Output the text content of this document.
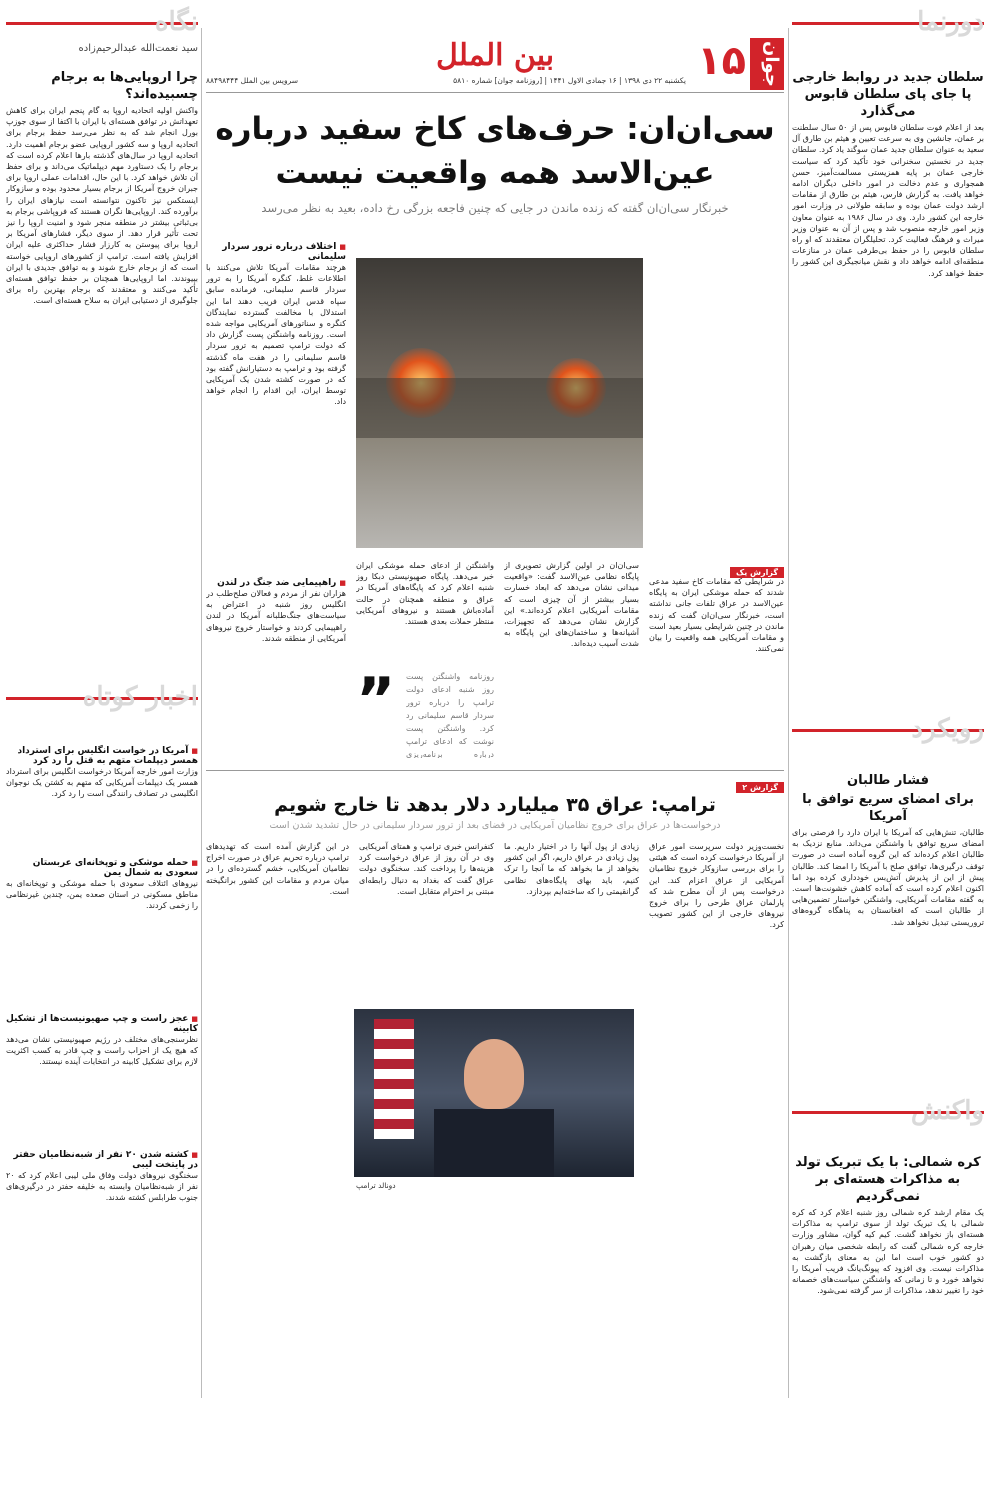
دورنما
سلطان جدید در روابط خارجی پا جای پای سلطان قابوس می‌گذارد
بعد از اعلام فوت سلطان قابوس پس از ۵۰ سال سلطنت بر عمان، جانشین وی به سرعت تعیین و هیثم بن طارق آل سعید به عنوان سلطان جدید عمان سوگند یاد کرد. سلطان جدید در نخستین سخنرانی خود تأکید کرد که سیاست خارجی عمان بر پایه همزیستی مسالمت‌آمیز، حسن همجواری و عدم دخالت در امور داخلی دیگران ادامه خواهد یافت. به گزارش فارس، هیثم بن طارق از مقامات ارشد دولت عمان بوده و سابقه طولانی در وزارت امور خارجه این کشور دارد. وی در سال ۱۹۸۶ به عنوان معاون وزیر امور خارجه منصوب شد و پس از آن به عنوان وزیر میراث و فرهنگ فعالیت کرد. تحلیلگران معتقدند که او راه سلطان قابوس را در حفظ بی‌طرفی عمان در منازعات منطقه‌ای ادامه خواهد داد و نقش میانجیگری این کشور را حفظ خواهد کرد.
رویکرد
فشار طالبان
برای امضای سریع توافق با آمریکا
طالبان، تنش‌هایی که آمریکا با ایران دارد را فرصتی برای امضای سریع توافق با واشنگتن می‌داند. منابع نزدیک به طالبان اعلام کرده‌اند که این گروه آماده است در صورت توقف درگیری‌ها، توافق صلح با آمریکا را امضا کند. طالبان پیش از این از پذیرش آتش‌بس خودداری کرده بود اما اکنون اعلام کرده است که آماده کاهش خشونت‌ها است. به گفته مقامات آمریکایی، واشنگتن خواستار تضمین‌هایی از طالبان است که افغانستان به پناهگاه گروه‌های تروریستی تبدیل نخواهد شد.
واکنش
کره شمالی: با یک تبریک تولد به مذاکرات هسته‌ای بر نمی‌گردیم
یک مقام ارشد کره شمالی روز شنبه اعلام کرد که کره شمالی با یک تبریک تولد از سوی ترامپ به مذاکرات هسته‌ای باز نخواهد گشت. کیم کیه گوان، مشاور وزارت خارجه کره شمالی گفت که رابطه شخصی میان رهبران دو کشور خوب است اما این به معنای بازگشت به مذاکرات نیست. وی افزود که پیونگ‌یانگ فریب آمریکا را نخواهد خورد و تا زمانی که واشنگتن سیاست‌های خصمانه خود را تغییر ندهد، مذاکرات از سر گرفته نمی‌شود.
نگاه
سید نعمت‌الله عبدالرحیم‌زاده
چرا اروپایی‌ها به برجام چسبیده‌اند؟
واکنش اولیه اتحادیه اروپا به گام پنجم ایران برای کاهش تعهداتش در توافق هسته‌ای با ایران با اکتفا از سوی جوزپ بورل انجام شد که به نظر می‌رسد حفظ برجام برای اتحادیه اروپا و سه کشور اروپایی عضو برجام اهمیت دارد. اتحادیه اروپا در سال‌های گذشته بارها اعلام کرده است که برجام را یک دستاورد مهم دیپلماتیک می‌داند و برای حفظ آن تلاش خواهد کرد. با این حال، اقدامات عملی اروپا برای جبران خروج آمریکا از برجام بسیار محدود بوده و سازوکار اینستکس نیز تاکنون نتوانسته است نیازهای ایران را برآورده کند. اروپایی‌ها نگران هستند که فروپاشی برجام به بی‌ثباتی بیشتر در منطقه منجر شود و امنیت اروپا را نیز تحت تأثیر قرار دهد. از سوی دیگر، فشارهای آمریکا بر اروپا برای پیوستن به کارزار فشار حداکثری علیه ایران افزایش یافته است. ترامپ از کشورهای اروپایی خواسته است که از برجام خارج شوند و به توافق جدیدی با ایران بپیوندند. اما اروپایی‌ها همچنان بر حفظ توافق هسته‌ای تأکید می‌کنند و معتقدند که برجام بهترین راه برای جلوگیری از دستیابی ایران به سلاح هسته‌ای است.
اخبار کوتاه
■ آمریکا در خواست انگلیس برای استرداد همسر دیپلمات متهم به قتل را رد کرد
وزارت امور خارجه آمریکا درخواست انگلیس برای استرداد همسر یک دیپلمات آمریکایی که متهم به کشتن یک نوجوان انگلیسی در تصادف رانندگی است را رد کرد.
■ حمله موشکی و توپخانه‌ای عربستان سعودی به شمال یمن
نیروهای ائتلاف سعودی با حمله موشکی و توپخانه‌ای به مناطق مسکونی در استان صعده یمن، چندین غیرنظامی را زخمی کردند.
■ عجز راست و چپ صهیونیست‌ها از تشکیل کابینه
نظرسنجی‌های مختلف در رژیم صهیونیستی نشان می‌دهد که هیچ یک از احزاب راست و چپ قادر به کسب اکثریت لازم برای تشکیل کابینه در انتخابات آینده نیستند.
■ کشته شدن ۲۰ نفر از شبه‌نظامیان حفتر در پایتخت لیبی
سخنگوی نیروهای دولت وفاق ملی لیبی اعلام کرد که ۲۰ نفر از شبه‌نظامیان وابسته به خلیفه حفتر در درگیری‌های جنوب طرابلس کشته شدند.
جوان
۱۵
بین الملل
یکشنبه ۲۲ دی ۱۳۹۸ | ۱۶ جمادی الاول ۱۴۴۱ | [روزنامه جوان] شماره ۵۸۱۰
سرویس بین الملل ۸۸۴۹۸۴۴۴
سی‌ان‌ان: حرف‌های کاخ سفید درباره عین‌الاسد همه واقعیت نیست
خبرنگار سی‌ان‌ان گفته که زنده ماندن در جایی که چنین فاجعه بزرگی رخ داده، بعید به نظر می‌رسد
■ اختلاف درباره ترور سردار سلیمانی
هرچند مقامات آمریکا تلاش می‌کنند با اطلاعات غلط، کنگره آمریکا را به ترور سردار قاسم سلیمانی، فرمانده سابق سپاه قدس ایران فریب دهند اما این استدلال با مخالفت گسترده نمایندگان کنگره و سناتورهای آمریکایی مواجه شده است. روزنامه واشنگتن پست گزارش داد که دولت ترامپ تصمیم به ترور سردار قاسم سلیمانی را در هفت ماه گذشته گرفته بود و ترامپ به دستیارانش گفته بود که در صورت کشته شدن یک آمریکایی توسط ایران، این اقدام را انجام خواهد داد.
■ راهپیمایی ضد جنگ در لندن
هزاران نفر از مردم و فعالان صلح‌طلب در انگلیس روز شنبه در اعتراض به سیاست‌های جنگ‌طلبانه آمریکا در لندن راهپیمایی کردند و خواستار خروج نیروهای آمریکایی از منطقه شدند.
گزارش یک
در شرایطی که مقامات کاخ سفید مدعی شدند که حمله موشکی ایران به پایگاه عین‌الاسد در عراق تلفات جانی نداشته است، خبرنگار سی‌ان‌ان گفت که زنده ماندن در چنین شرایطی بسیار بعید است و مقامات آمریکایی همه واقعیت را بیان نمی‌کنند.
سی‌ان‌ان در اولین گزارش تصویری از پایگاه نظامی عین‌الاسد گفت: «واقعیت میدانی نشان می‌دهد که ابعاد خسارت بسیار بیشتر از آن چیزی است که مقامات آمریکایی اعلام کرده‌اند.» این گزارش نشان می‌دهد که تجهیزات، آشیانه‌ها و ساختمان‌های این پایگاه به شدت آسیب دیده‌اند.
واشنگتن از ادعای حمله موشکی ایران خبر می‌دهد. پایگاه صهیونیستی دبکا روز شنبه اعلام کرد که پایگاه‌های آمریکا در عراق و منطقه همچنان در حالت آماده‌باش هستند و نیروهای آمریکایی منتظر حملات بعدی هستند.
”	روزنامه واشنگتن پست روز شنبه ادعای دولت ترامپ را درباره ترور سردار قاسم سلیمانی رد کرد. واشنگتن پست نوشت که ادعای ترامپ درباره برنامه‌ریزی
گزارش ۲
ترامپ: عراق ۳۵ میلیارد دلار بدهد تا خارج شویم
درخواست‌ها در عراق برای خروج نظامیان آمریکایی در فضای بعد از ترور سردار سلیمانی در حال تشدید شدن است
نخست‌وزیر دولت سرپرست امور عراق از آمریکا درخواست کرده است که هیئتی را برای بررسی سازوکار خروج نظامیان آمریکایی از عراق اعزام کند. این درخواست پس از آن مطرح شد که پارلمان عراق طرحی را برای خروج نیروهای خارجی از این کشور تصویب کرد.
زیادی از پول آنها را در اختیار داریم. ما پول زیادی در عراق داریم، اگر این کشور بخواهد از ما بخواهد که ما آنجا را ترک کنیم، باید بهای پایگاه‌های نظامی گرانقیمتی را که ساخته‌ایم بپردازد.
کنفرانس خبری ترامپ و همتای آمریکایی وی در آن روز از عراق درخواست کرد هزینه‌ها را پرداخت کند. سخنگوی دولت عراق گفت که بغداد به دنبال رابطه‌ای مبتنی بر احترام متقابل است.
در این گزارش آمده است که تهدیدهای ترامپ درباره تحریم عراق در صورت اخراج نظامیان آمریکایی، خشم گسترده‌ای را در میان مردم و مقامات این کشور برانگیخته است.
دونالد ترامپ
